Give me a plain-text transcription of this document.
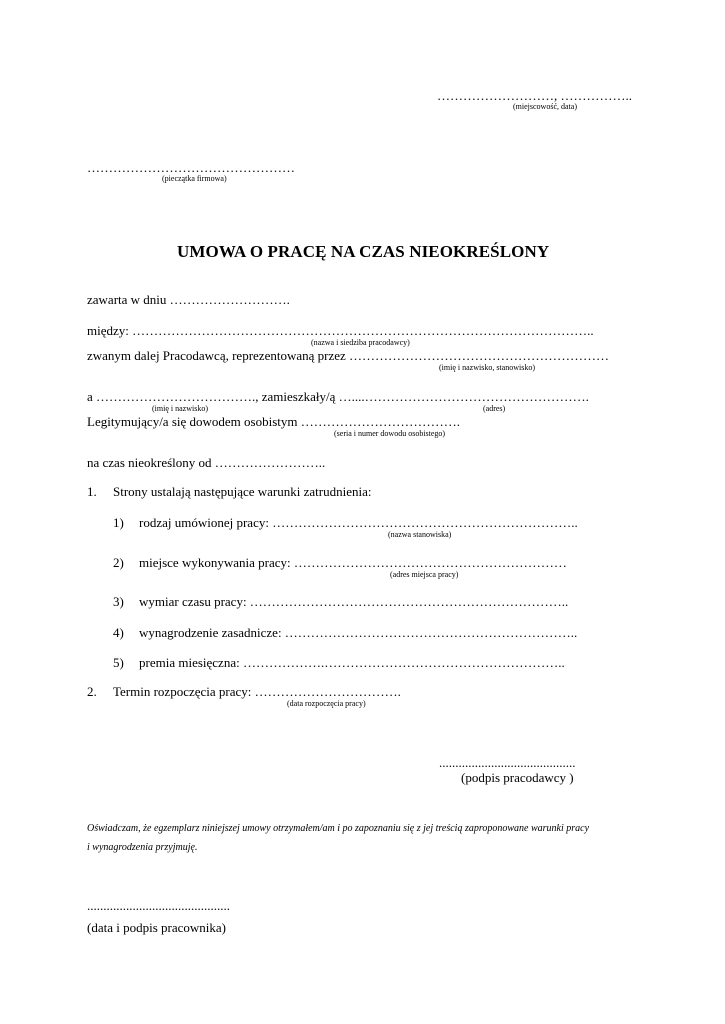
………………………, ……………..
(miejscowość, data)
…………………………………………
(pieczątka firmowa)
UMOWA O PRACĘ NA CZAS NIEOKREŚLONY
zawarta w dniu ……………………….
między: ……………………………………………………………………………………………..
(nazwa i siedziba pracodawcy)
zwanym dalej Pracodawcą, reprezentowaną przez ……………………………………………………
(imię i nazwisko, stanowisko)
a ………………………………., zamieszkały/ą …....…………………………………………….
(imię i nazwisko)	(adres)
Legitymujący/a się dowodem osobistym ……………………………….
(seria i numer dowodu osobistego)
na czas nieokreślony od ……………………..
1. Strony ustalają następujące warunki zatrudnienia:
1) rodzaj umówionej pracy: ……………………………………………………………..
(nazwa stanowiska)
2) miejsce wykonywania pracy: ………………………………………………………
(adres miejsca pracy)
3) wymiar czasu pracy: ………………………………………………………………..
4) wynagrodzenie zasadnicze: …………………………………………………………..
5) premia miesięczna: ……………….………………………………………………..
2. Termin rozpoczęcia pracy: …………………………….
(data rozpoczęcia pracy)
..........................................
(podpis pracodawcy )
Oświadczam, że egzemplarz niniejszej umowy otrzymałem/am i po zapoznaniu się z jej treścią zaproponowane warunki pracy
i wynagrodzenia przyjmuję.
............................................
(data i podpis pracownika)
